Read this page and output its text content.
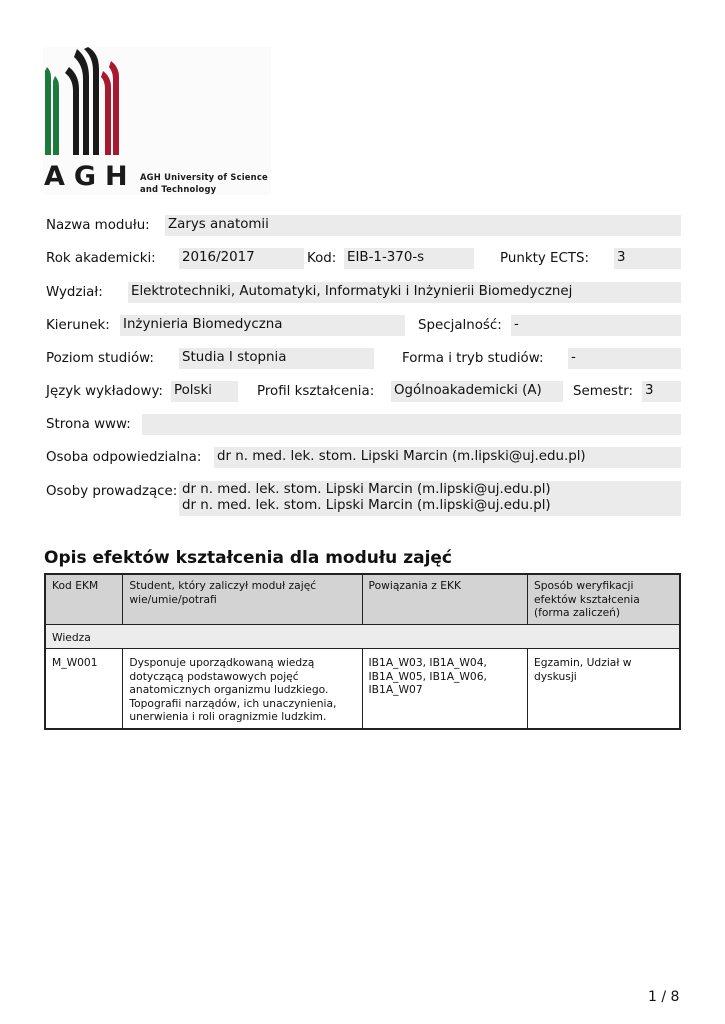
AGH AGH University of Science
and Technology
Nazwa modułu: Zarys anatomii
Rok akademicki: 2016/2017	Kod: EIB-1-370-s	Punkty ECTS: 3
Wydział: Elektrotechniki, Automatyki, Informatyki i Inżynierii Biomedycznej
Kierunek: Inżynieria Biomedyczna	Specjalność: -
Poziom studiów: Studia I stopnia	Forma i tryb studiów: -
Język wykładowy: Polski	Profil kształcenia: Ogólnoakademicki (A)	Semestr: 3
Strona www:
Osoba odpowiedzialna: dr n. med. lek. stom. Lipski Marcin (m.lipski@uj.edu.pl)
Osoby prowadzące: dr n. med. lek. stom. Lipski Marcin (m.lipski@uj.edu.pl)
dr n. med. lek. stom. Lipski Marcin (m.lipski@uj.edu.pl)
Opis efektów kształcenia dla modułu zajęć
Kod EKM	Student, który zaliczył moduł zajęć wie/umie/potrafi	Powiązania z EKK	Sposób weryfikacji efektów kształcenia (forma zaliczeń)
Wiedza			
M_W001	Dysponuje uporządkowaną wiedzą dotyczącą podstawowych pojęć anatomicznych organizmu ludzkiego. Topografii narządów, ich unaczynienia, unerwienia i roli oragnizmie ludzkim.	IB1A_W03, IB1A_W04, IB1A_W05, IB1A_W06, IB1A_W07	Egzamin, Udział w dyskusji
1 / 8
